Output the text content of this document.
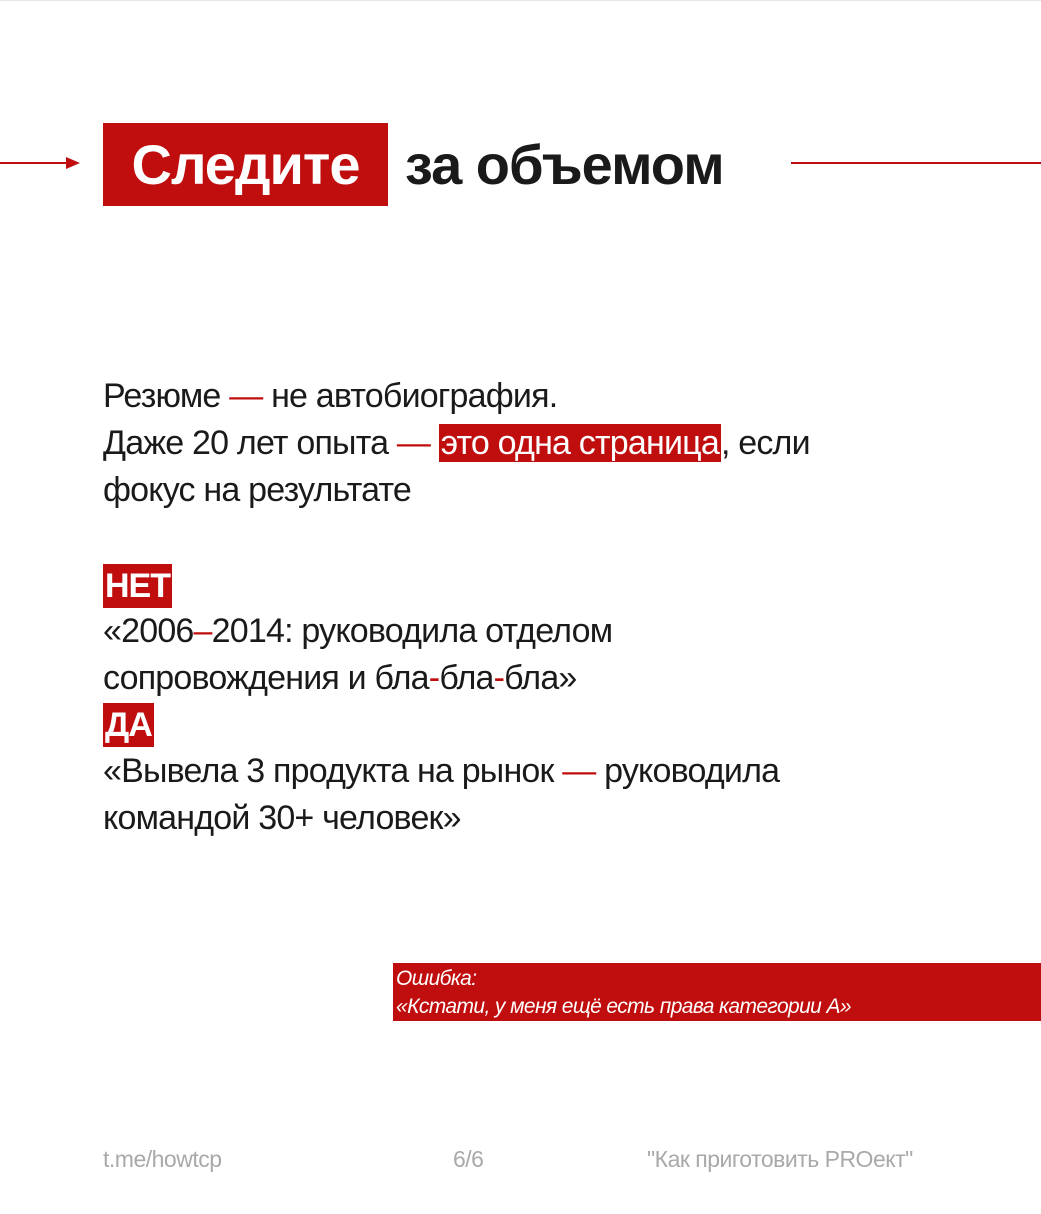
Следите за объемом
Резюме — не автобиография.
Даже 20 лет опыта — это одна страница, если
фокус на результате
НЕТ
«2006–2014: руководила отделом
сопровождения и бла-бла-бла»
ДА
«Вывела 3 продукта на рынок — руководила
командой 30+ человек»
Ошибка:
«Кстати, у меня ещё есть права категории А»
t.me/howtcp	6/6	"Как приготовить PROект"
